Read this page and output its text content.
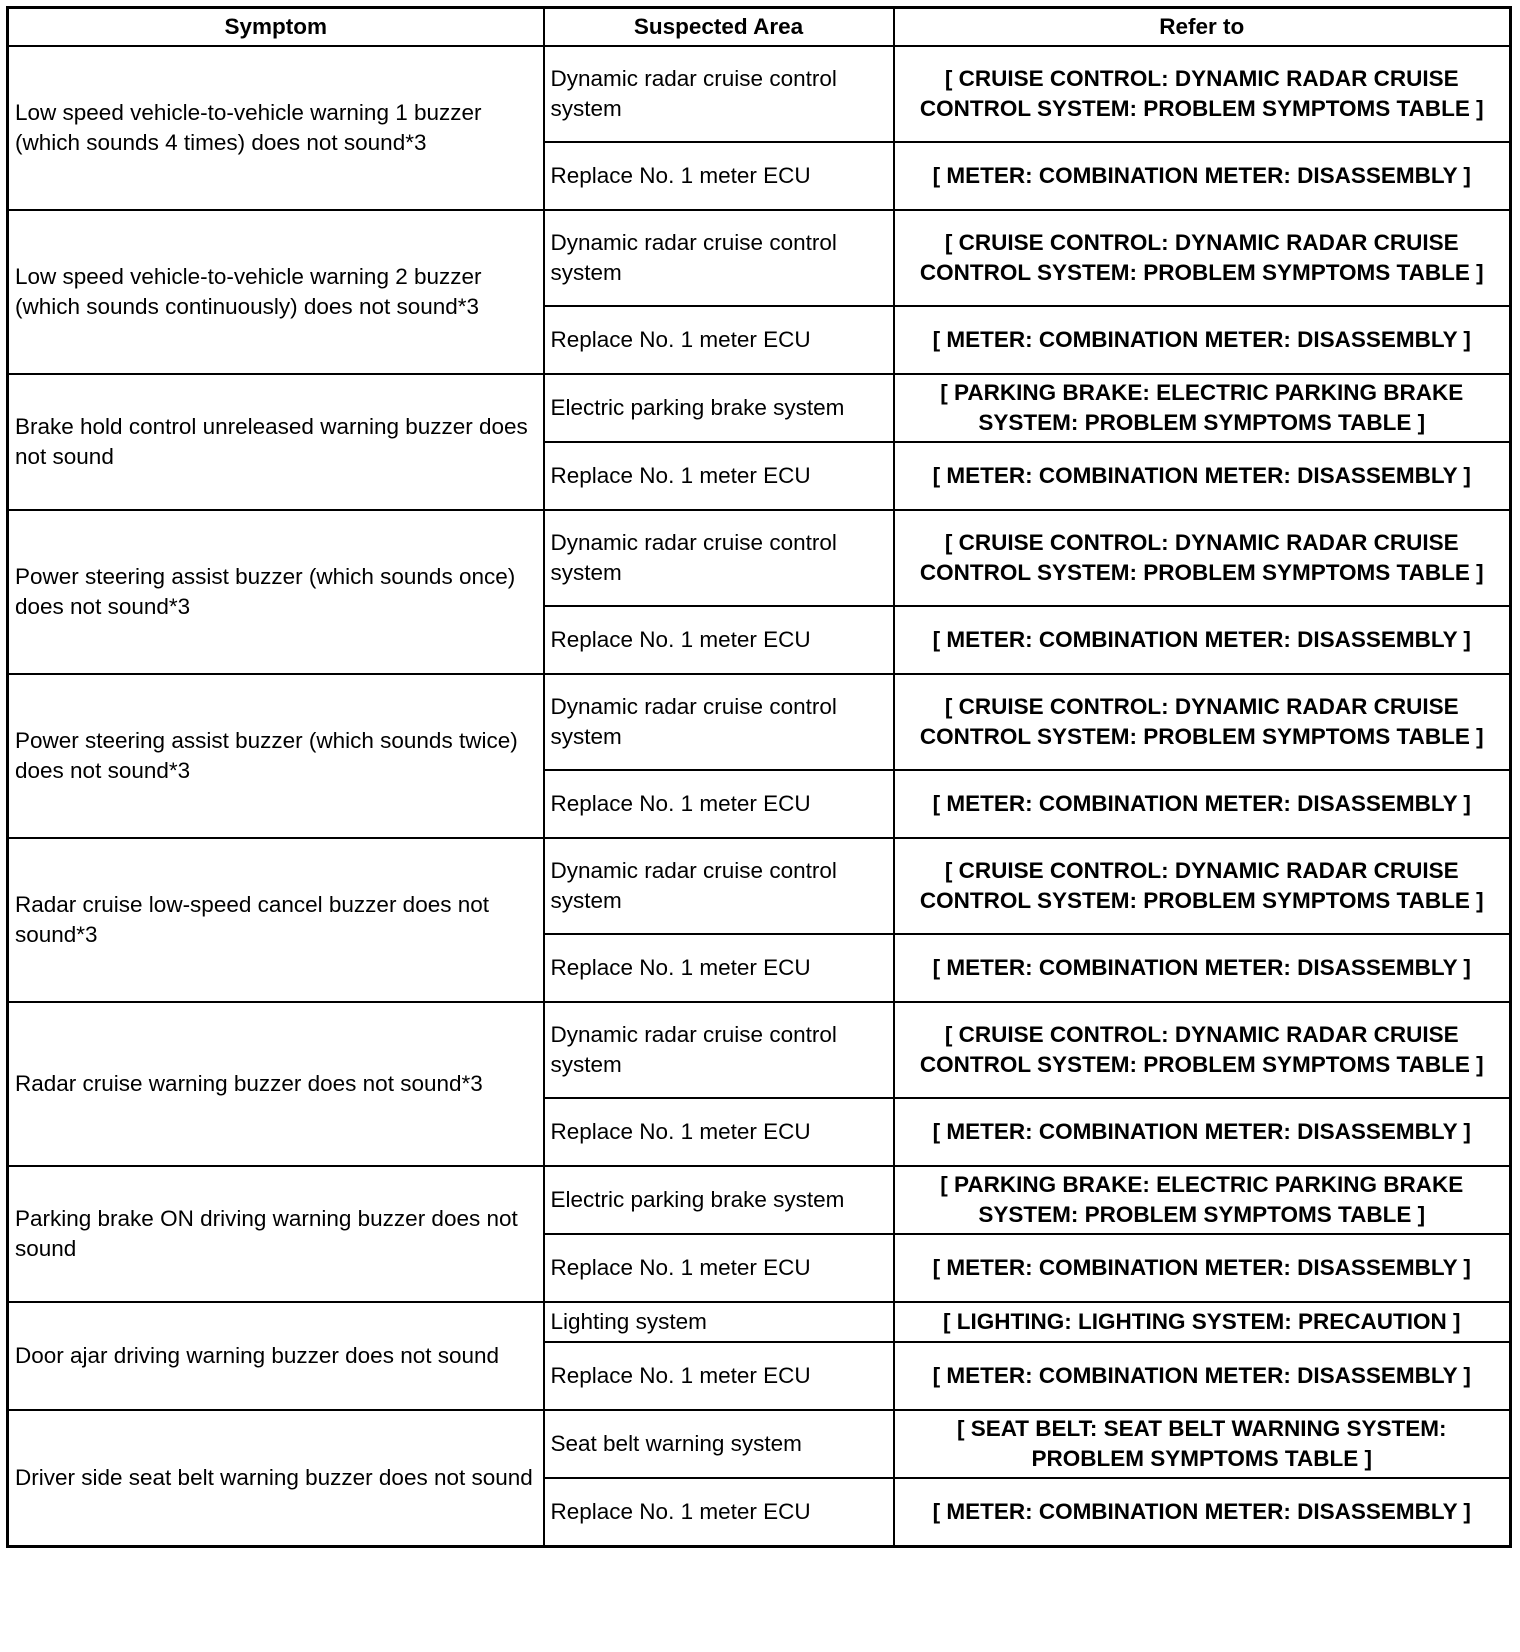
Symptom	Suspected Area	Refer to
Low speed vehicle-to-vehicle warning 1 buzzer (which sounds 4 times) does not sound*3	Dynamic radar cruise control system	[ CRUISE CONTROL: DYNAMIC RADAR CRUISE CONTROL SYSTEM: PROBLEM SYMPTOMS TABLE ]
	Replace No. 1 meter ECU	[ METER: COMBINATION METER: DISASSEMBLY ]
Low speed vehicle-to-vehicle warning 2 buzzer (which sounds continuously) does not sound*3	Dynamic radar cruise control system	[ CRUISE CONTROL: DYNAMIC RADAR CRUISE CONTROL SYSTEM: PROBLEM SYMPTOMS TABLE ]
	Replace No. 1 meter ECU	[ METER: COMBINATION METER: DISASSEMBLY ]
Brake hold control unreleased warning buzzer does not sound	Electric parking brake system	[ PARKING BRAKE: ELECTRIC PARKING BRAKE SYSTEM: PROBLEM SYMPTOMS TABLE ]
	Replace No. 1 meter ECU	[ METER: COMBINATION METER: DISASSEMBLY ]
Power steering assist buzzer (which sounds once) does not sound*3	Dynamic radar cruise control system	[ CRUISE CONTROL: DYNAMIC RADAR CRUISE CONTROL SYSTEM: PROBLEM SYMPTOMS TABLE ]
	Replace No. 1 meter ECU	[ METER: COMBINATION METER: DISASSEMBLY ]
Power steering assist buzzer (which sounds twice) does not sound*3	Dynamic radar cruise control system	[ CRUISE CONTROL: DYNAMIC RADAR CRUISE CONTROL SYSTEM: PROBLEM SYMPTOMS TABLE ]
	Replace No. 1 meter ECU	[ METER: COMBINATION METER: DISASSEMBLY ]
Radar cruise low-speed cancel buzzer does not sound*3	Dynamic radar cruise control system	[ CRUISE CONTROL: DYNAMIC RADAR CRUISE CONTROL SYSTEM: PROBLEM SYMPTOMS TABLE ]
	Replace No. 1 meter ECU	[ METER: COMBINATION METER: DISASSEMBLY ]
Radar cruise warning buzzer does not sound*3	Dynamic radar cruise control system	[ CRUISE CONTROL: DYNAMIC RADAR CRUISE CONTROL SYSTEM: PROBLEM SYMPTOMS TABLE ]
	Replace No. 1 meter ECU	[ METER: COMBINATION METER: DISASSEMBLY ]
Parking brake ON driving warning buzzer does not sound	Electric parking brake system	[ PARKING BRAKE: ELECTRIC PARKING BRAKE SYSTEM: PROBLEM SYMPTOMS TABLE ]
	Replace No. 1 meter ECU	[ METER: COMBINATION METER: DISASSEMBLY ]
Door ajar driving warning buzzer does not sound	Lighting system	[ LIGHTING: LIGHTING SYSTEM: PRECAUTION ]
	Replace No. 1 meter ECU	[ METER: COMBINATION METER: DISASSEMBLY ]
Driver side seat belt warning buzzer does not sound	Seat belt warning system	[ SEAT BELT: SEAT BELT WARNING SYSTEM: PROBLEM SYMPTOMS TABLE ]
	Replace No. 1 meter ECU	[ METER: COMBINATION METER: DISASSEMBLY ]
